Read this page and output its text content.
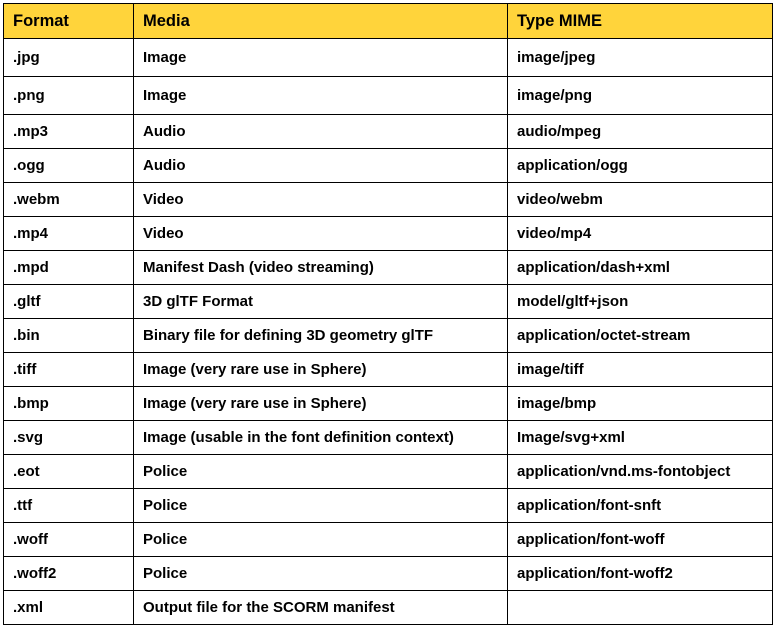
Format	Media	Type MIME
.jpg	Image	image/jpeg
.png	Image	image/png
.mp3	Audio	audio/mpeg
.ogg	Audio	application/ogg
.webm	Video	video/webm
.mp4	Video	video/mp4
.mpd	Manifest Dash (video streaming)	application/dash+xml
.gltf	3D glTF Format	model/gltf+json
.bin	Binary file for defining 3D geometry glTF	application/octet-stream
.tiff	Image (very rare use in Sphere)	image/tiff
.bmp	Image (very rare use in Sphere)	image/bmp
.svg	Image (usable in the font definition context)	Image/svg+xml
.eot	Police	application/vnd.ms-fontobject
.ttf	Police	application/font-snft
.woff	Police	application/font-woff
.woff2	Police	application/font-woff2
.xml	Output file for the SCORM manifest	
